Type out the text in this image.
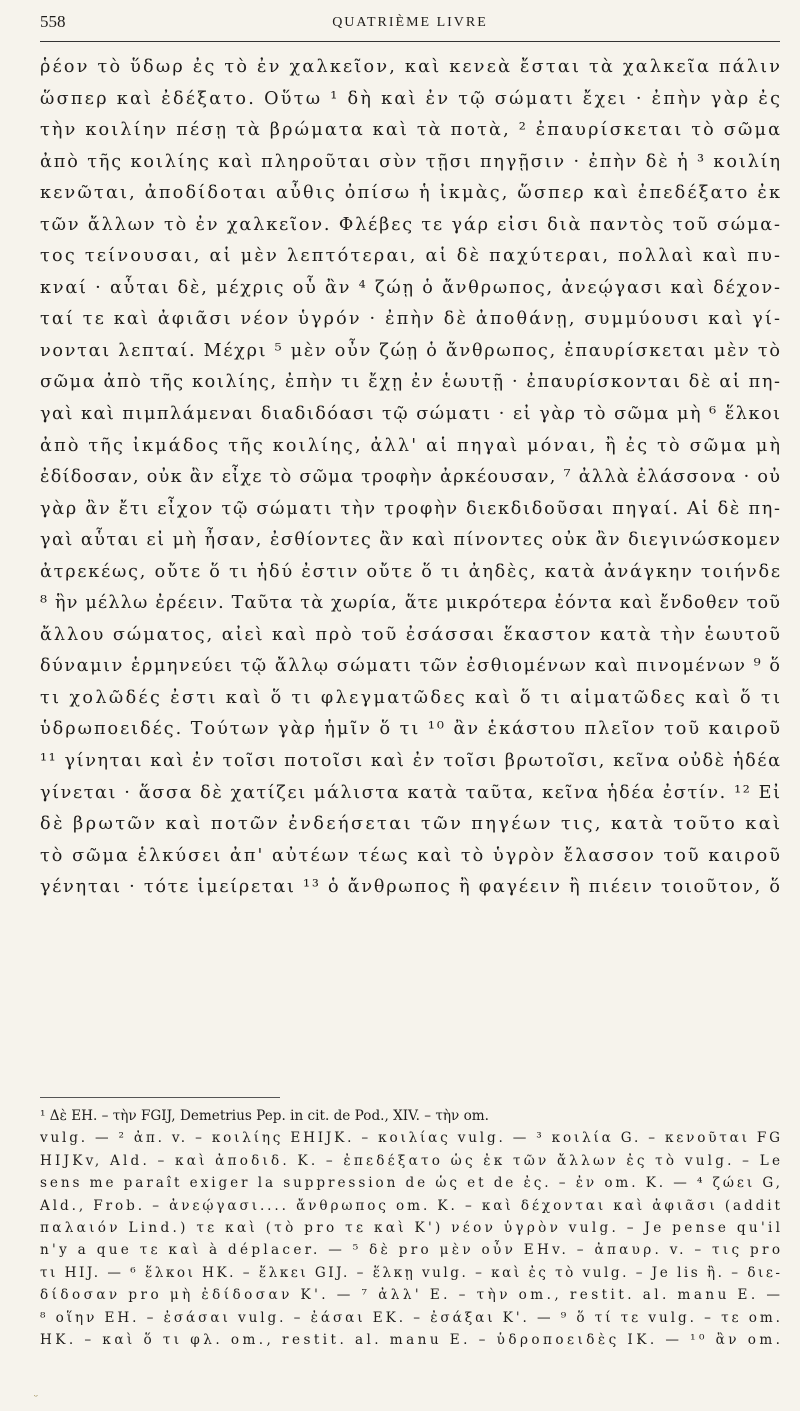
558	QUATRIÈME LIVRE
ῥέον τὸ ὕδωρ ἐς τὸ ἐν χαλκεῖον, καὶ κενεὰ ἔσται τὰ χαλκεῖα πάλιν
ὥσπερ καὶ ἐδέξατο. Οὕτω ¹ δὴ καὶ ἐν τῷ σώματι ἔχει · ἐπὴν γὰρ ἐς
τὴν κοιλίην πέσῃ τὰ βρώματα καὶ τὰ ποτὰ, ² ἐπαυρίσκεται τὸ σῶμα
ἀπὸ τῆς κοιλίης καὶ πληροῦται σὺν τῇσι πηγῇσιν · ἐπὴν δὲ ἡ ³ κοιλίη
κενῶται, ἀποδίδοται αὖθις ὀπίσω ἡ ἰκμὰς, ὥσπερ καὶ ἐπεδέξατο ἐκ
τῶν ἄλλων τὸ ἐν χαλκεῖον. Φλέβες τε γάρ εἰσι διὰ παντὸς τοῦ σώμα-
τος τείνουσαι, αἱ μὲν λεπτότεραι, αἱ δὲ παχύτεραι, πολλαὶ καὶ πυ-
κναί · αὗται δὲ, μέχρις οὗ ἂν ⁴ ζώῃ ὁ ἄνθρωπος, ἀνεῴγασι καὶ δέχον-
ταί τε καὶ ἀφιᾶσι νέον ὑγρόν · ἐπὴν δὲ ἀποθάνῃ, συμμύουσι καὶ γί-
νονται λεπταί. Μέχρι ⁵ μὲν οὖν ζώῃ ὁ ἄνθρωπος, ἐπαυρίσκεται μὲν τὸ
σῶμα ἀπὸ τῆς κοιλίης, ἐπὴν τι ἔχῃ ἐν ἑωυτῇ · ἐπαυρίσκονται δὲ αἱ πη-
γαὶ καὶ πιμπλάμεναι διαδιδόασι τῷ σώματι · εἰ γὰρ τὸ σῶμα μὴ ⁶ ἕλκοι
ἀπὸ τῆς ἰκμάδος τῆς κοιλίης, ἀλλ' αἱ πηγαὶ μόναι, ἢ ἐς τὸ σῶμα μὴ
ἐδίδοσαν, οὐκ ἂν εἶχε τὸ σῶμα τροφὴν ἀρκέουσαν, ⁷ ἀλλὰ ἐλάσσονα · οὐ
γὰρ ἂν ἔτι εἶχον τῷ σώματι τὴν τροφὴν διεκδιδοῦσαι πηγαί. Αἱ δὲ πη-
γαὶ αὗται εἰ μὴ ἦσαν, ἐσθίοντες ἂν καὶ πίνοντες οὐκ ἂν διεγινώσκομεν
ἀτρεκέως, οὔτε ὅ τι ἡδύ ἐστιν οὔτε ὅ τι ἀηδὲς, κατὰ ἀνάγκην τοιήνδε
⁸ ἣν μέλλω ἐρέειν. Ταῦτα τὰ χωρία, ἅτε μικρότερα ἐόντα καὶ ἔνδοθεν τοῦ
ἄλλου σώματος, αἰεὶ καὶ πρὸ τοῦ ἐσάσσαι ἕκαστον κατὰ τὴν ἑωυτοῦ
δύναμιν ἑρμηνεύει τῷ ἄλλῳ σώματι τῶν ἐσθιομένων καὶ πινομένων ⁹ ὅ
τι χολῶδές ἐστι καὶ ὅ τι φλεγματῶδες καὶ ὅ τι αἱματῶδες καὶ ὅ τι
ὑδρωποειδές. Τούτων γὰρ ἡμῖν ὅ τι ¹⁰ ἂν ἑκάστου πλεῖον τοῦ καιροῦ
¹¹ γίνηται καὶ ἐν τοῖσι ποτοῖσι καὶ ἐν τοῖσι βρωτοῖσι, κεῖνα οὐδὲ ἡδέα
γίνεται · ἅσσα δὲ χατίζει μάλιστα κατὰ ταῦτα, κεῖνα ἡδέα ἐστίν. ¹² Εἰ
δὲ βρωτῶν καὶ ποτῶν ἐνδεήσεται τῶν πηγέων τις, κατὰ τοῦτο καὶ
τὸ σῶμα ἑλκύσει ἀπ' αὐτέων τέως καὶ τὸ ὑγρὸν ἔλασσον τοῦ καιροῦ
γένηται · τότε ἱμείρεται ¹³ ὁ ἄνθρωπος ἢ φαγέειν ἢ πιέειν τοιοῦτον, ὅ
¹ Δὲ EH. – τὴν FGIJ, Demetrius Pep. in cit. de Pod., XIV. – τὴν om.
vulg. — ² ἀπ. v. – κοιλίης EHIJK. – κοιλίας vulg. — ³ κοιλία G. – κενοῦται FG
HIJKv, Ald. – καὶ ἀποδιδ. K. – ἐπεδέξατο ὡς ἐκ τῶν ἄλλων ἐς τὸ vulg. – Le
sens me paraît exiger la suppression de ὡς et de ἐς. – ἐν om. K. — ⁴ ζώει G,
Ald., Frob. – ἀνεῴγασι.... ἄνθρωπος om. K. – καὶ δέχονται καὶ ἀφιᾶσι (addit
παλαιόν Lind.) τε καὶ (τὸ pro τε καὶ K') νέον ὑγρὸν vulg. – Je pense qu'il
n'y a que τε καὶ à déplacer. — ⁵ δὲ pro μὲν οὖν EHv. – ἀπαυρ. v. – τις pro
τι HIJ. — ⁶ ἕλκοι HK. – ἕλκει GIJ. – ἕλκῃ vulg. – καὶ ἐς τὸ vulg. – Je lis ἢ. – διε-
δίδοσαν pro μὴ ἐδίδοσαν K'. — ⁷ ἀλλ' E. – τὴν om., restit. al. manu E. —
⁸ οἵην EH. – ἐσάσαι vulg. – ἐάσαι EK. – ἐσάξαι K'. — ⁹ ὅ τί τε vulg. – τε om.
HK. – καὶ ὅ τι φλ. om., restit. al. manu E. – ὑδροποειδὲς IK. — ¹⁰ ἂν om.
ᵕ
